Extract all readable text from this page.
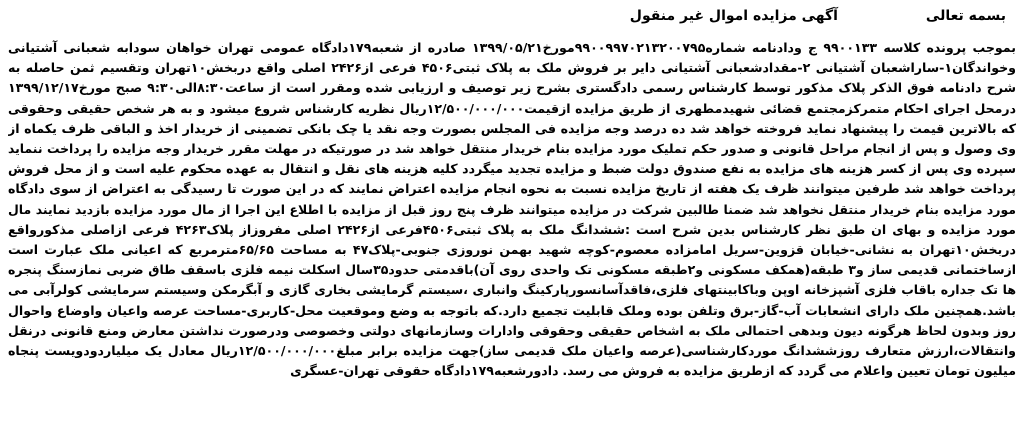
بسمه تعالی
آگهی مزایده اموال غیر منقول
بموجب پرونده کلاسه ۹۹۰۰۱۳۳ ج ودادنامه شماره۹۹۰۰۹۹۷۰۲۱۳۲۰۰۷۹۵مورخ۱۳۹۹/۰۵/۲۱ صادره از شعبه۱۷۹دادگاه عمومی تهران خواهان سودابه شعبانی آشتیانی
وخواندگان۱-ساراشعبان آشتیانی ۲-مقدادشعبانی آشتیانی دایر بر فروش ملک به پلاک ثبتی۴۵۰۶ فرعی از۲۴۲۶ اصلی واقع دربخش۱۰تهران وتقسیم ثمن حاصله به
شرح دادنامه فوق الذکر پلاک مذکور توسط کارشناس رسمی دادگستری بشرح زیر توصیف و ارزیابی شده ومقرر است از ساعت۸:۳۰الی۹:۳۰ صبح مورخ۱۳۹۹/۱۲/۱۷
درمحل اجرای احکام متمرکزمجتمع قضائی شهیدمطهری از طریق مزایده ازقیمت۱۲/۵۰۰/۰۰۰/۰۰۰ریال نظریه کارشناس شروع میشود و به هر شخص حقیقی وحقوقی
که بالاترین قیمت را پیشنهاد نماید فروخته خواهد شد ده درصد وجه مزایده فی المجلس بصورت وجه نقد یا چک بانکی تضمینی از خریدار اخذ و الباقی ظرف یکماه از
وی وصول و پس از انجام مراحل قانونی و صدور حکم تملیک مورد مزایده بنام خریدار منتقل خواهد شد در صورتیکه در مهلت مقرر خریدار وجه مزایده را پرداخت ننماید
سپرده وی پس از کسر هزینه های مزایده به نفع صندوق دولت ضبط و مزایده تجدید میگردد کلیه هزینه های نقل و انتقال به عهده محکوم علیه است و از محل فروش
پرداخت خواهد شد طرفین میتوانند ظرف یک هفته از تاریخ مزایده نسبت به نحوه انجام مزایده اعتراض نمایند که در این صورت تا رسیدگی به اعتراض از سوی دادگاه
مورد مزایده بنام خریدار منتقل نخواهد شد ضمنا طالبین شرکت در مزایده میتوانند ظرف پنج روز قبل از مزایده با اطلاع این اجرا از مال مورد مزایده بازدید نمایند مال
مورد مزایده و بهای ان طبق نظر کارشناس بدین شرح است :ششدانگ ملک به پلاک ثبتی۴۵۰۶فرعی از۲۴۲۶ اصلی مفروزاز پلاک۴۲۶۳ فرعی ازاصلی مذکورواقع
دربخش۱۰تهران به نشانی-خیابان قزوین-سریل امامزاده معصوم-کوچه شهید بهمن نوروزی جنوبی-پلاک۴۷ به مساحت ۶۵/۶۵مترمربع که اعیانی ملک عبارت است
ازساختمانی قدیمی ساز و۳ طبقه(همکف مسکونی و۲طبقه مسکونی تک واحدی روی آن)باقدمتی حدود۳۵سال اسکلت نیمه فلزی باسقف طاق ضربی نمازسنگ پنجره
ها تک جداره باقاب فلزی آشپزخانه اوپن وباکابینتهای فلزی،فاقدآسانسورپارکینگ وانباری ،سیستم گرمایشی بخاری گازی و آبگرمکن وسیستم سرمایشی کولرآبی می
باشد.همچنین ملک دارای انشعابات آب-گاز-برق وتلفن بوده وملک قابلیت تجمیع دارد.که باتوجه به وضع وموقعیت محل-کاربری-مساحت عرصه واعیان واوضاع واحوال
روز وبدون لحاظ هرگونه دیون وبدهی احتمالی ملک به اشخاص حقیقی وحقوقی وادارات وسازمانهای دولتی وخصوصی ودرصورت نداشتن معارض ومنع قانونی درنقل
وانتقالات،ارزش متعارف روزششدانگ موردکارشناسی(عرصه واعیان ملک قدیمی ساز)جهت مزایده برابر مبلغ۱۲/۵۰۰/۰۰۰/۰۰۰ریال معادل یک میلیاردودویست پنجاه
میلیون تومان تعیین واعلام می گردد که ازطریق مزایده به فروش می رسد. دادورشعبه۱۷۹دادگاه حقوقی تهران-عسگری
